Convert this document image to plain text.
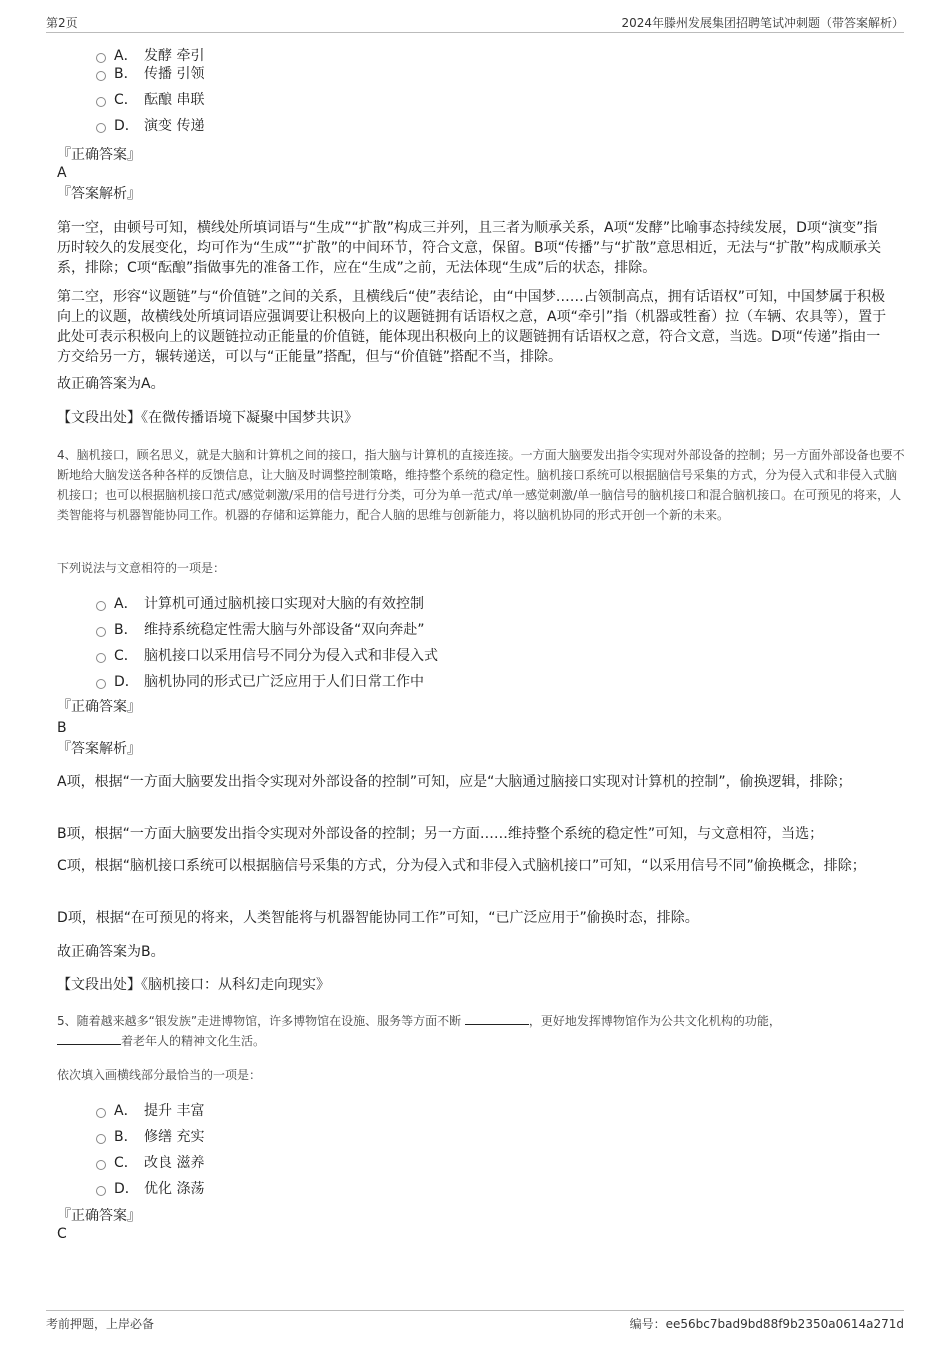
第2页	2024年滕州发展集团招聘笔试冲刺题（带答案解析）
A． 发酵 牵引
B． 传播 引领
C． 酝酿 串联
D． 演变 传递
『正确答案』
A
『答案解析』
第一空，由顿号可知，横线处所填词语与“生成”“扩散”构成三并列，且三者为顺承关系，A项“发酵”比喻事态持续发展，D项“演变”指历时较久的发展变化，均可作为“生成”“扩散”的中间环节，符合文意，保留。B项“传播”与“扩散”意思相近，无法与“扩散”构成顺承关系，排除；C项“酝酿”指做事先的准备工作，应在“生成”之前，无法体现“生成”后的状态，排除。
第二空，形容“议题链”与“价值链”之间的关系，且横线后“使”表结论，由“中国梦……占领制高点，拥有话语权”可知，中国梦属于积极向上的议题，故横线处所填词语应强调要让积极向上的议题链拥有话语权之意，A项“牵引”指（机器或牲畜）拉（车辆、农具等），置于此处可表示积极向上的议题链拉动正能量的价值链，能体现出积极向上的议题链拥有话语权之意，符合文意，当选。D项“传递”指由一方交给另一方，辗转递送，可以与“正能量”搭配，但与“价值链”搭配不当，排除。
故正确答案为A。
【文段出处】《在微传播语境下凝聚中国梦共识》
4、脑机接口，顾名思义，就是大脑和计算机之间的接口，指大脑与计算机的直接连接。一方面大脑要发出指令实现对外部设备的控制；另一方面外部设备也要不断地给大脑发送各种各样的反馈信息，让大脑及时调整控制策略，维持整个系统的稳定性。脑机接口系统可以根据脑信号采集的方式，分为侵入式和非侵入式脑机接口；也可以根据脑机接口范式/感觉刺激/采用的信号进行分类，可分为单一范式/单一感觉刺激/单一脑信号的脑机接口和混合脑机接口。在可预见的将来，人类智能将与机器智能协同工作。机器的存储和运算能力，配合人脑的思维与创新能力，将以脑机协同的形式开创一个新的未来。
下列说法与文意相符的一项是：
A． 计算机可通过脑机接口实现对大脑的有效控制
B． 维持系统稳定性需大脑与外部设备“双向奔赴”
C． 脑机接口以采用信号不同分为侵入式和非侵入式
D． 脑机协同的形式已广泛应用于人们日常工作中
『正确答案』
B
『答案解析』
A项，根据“一方面大脑要发出指令实现对外部设备的控制”可知，应是“大脑通过脑接口实现对计算机的控制”，偷换逻辑，排除；
B项，根据“一方面大脑要发出指令实现对外部设备的控制；另一方面……维持整个系统的稳定性”可知，与文意相符，当选；
C项，根据“脑机接口系统可以根据脑信号采集的方式，分为侵入式和非侵入式脑机接口”可知，“以采用信号不同”偷换概念，排除；
D项，根据“在可预见的将来，人类智能将与机器智能协同工作”可知，“已广泛应用于”偷换时态，排除。
故正确答案为B。
【文段出处】《脑机接口：从科幻走向现实》
5、随着越来越多“银发族”走进博物馆，许多博物馆在设施、服务等方面不断	，更好地发挥博物馆作为公共文化机构的功能，
着老年人的精神文化生活。
依次填入画横线部分最恰当的一项是：
A． 提升 丰富
B． 修缮 充实
C． 改良 滋养
D． 优化 涤荡
『正确答案』
C
考前押题，上岸必备	编号：ee56bc7bad9bd88f9b2350a0614a271d
